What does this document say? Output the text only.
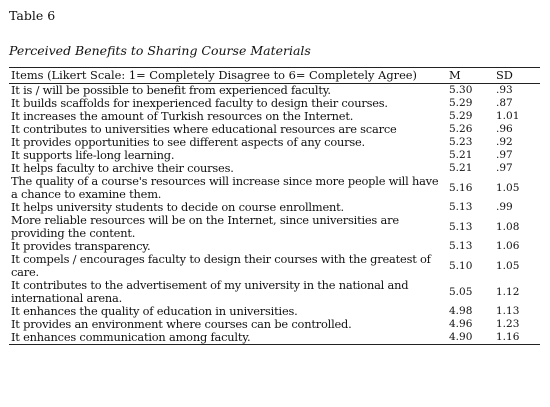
Table 6
Perceived Benefits to Sharing Course Materials
Items (Likert Scale: 1= Completely Disagree to 6= Completely Agree)	M	SD
It is / will be possible to benefit from experienced faculty.	5.30	.93
It builds scaffolds for inexperienced faculty to design their courses.	5.29	.87
It increases the amount of Turkish resources on the Internet.	5.29	1.01
It contributes to universities where educational resources are scarce	5.26	.96
It provides opportunities to see different aspects of any course.	5.23	.92
It supports life-long learning.	5.21	.97
It helps faculty to archive their courses.	5.21	.97
The quality of a course's resources will increase since more people will have a chance to examine them.	5.16	1.05
It helps university students to decide on course enrollment.	5.13	.99
More reliable resources will be on the Internet, since universities are providing the content.	5.13	1.08
It provides transparency.	5.13	1.06
It compels / encourages faculty to design their courses with the greatest of care.	5.10	1.05
It contributes to the advertisement of my university in the national and international arena.	5.05	1.12
It enhances the quality of education in universities.	4.98	1.13
It provides an environment where courses can be controlled.	4.96	1.23
It enhances communication among faculty.	4.90	1.16
